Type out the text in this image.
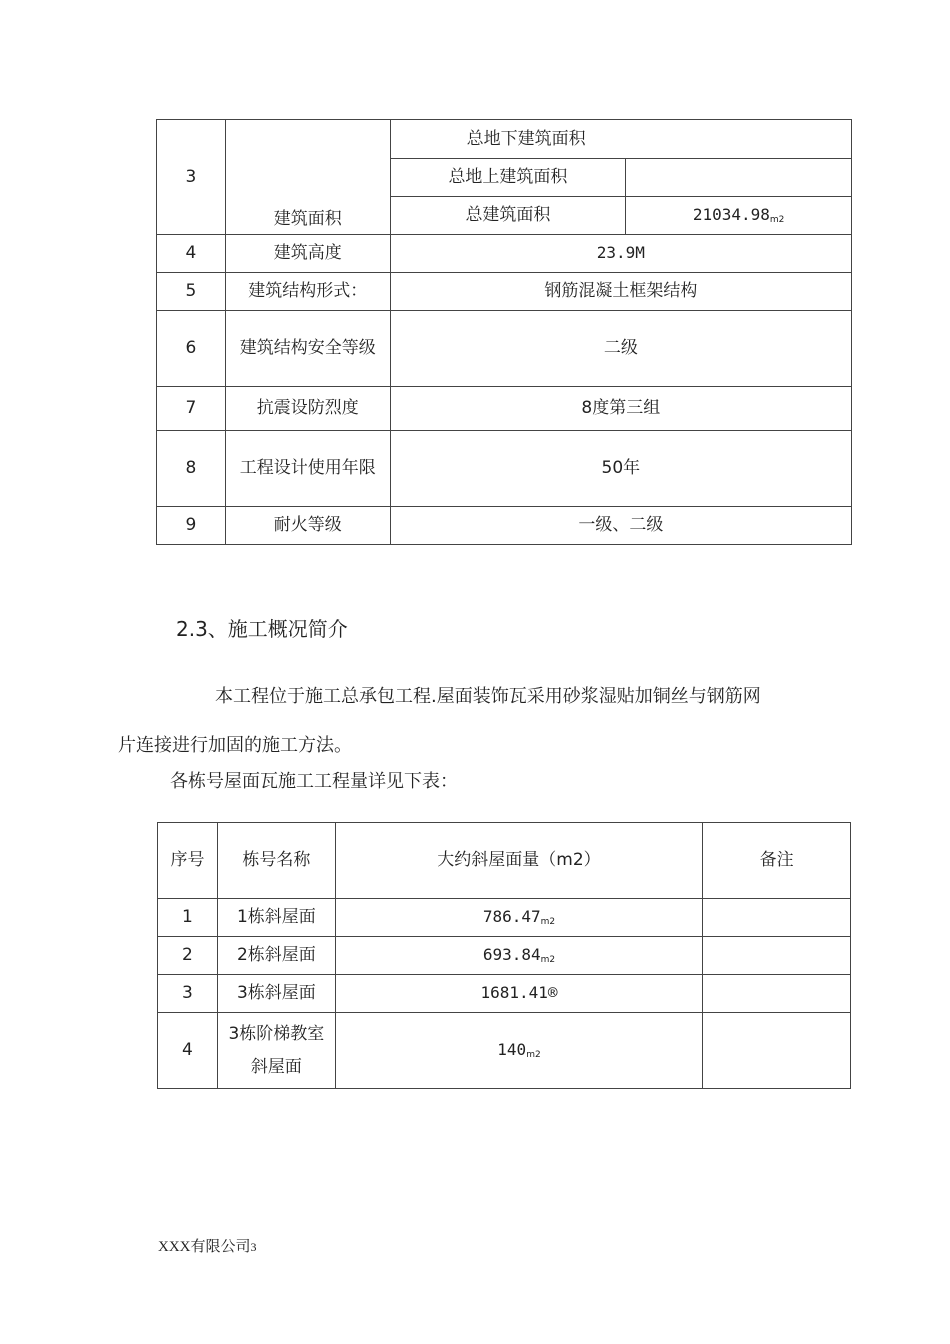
3	建筑面积	总地下建筑面积	
		总地上建筑面积	
		总建筑面积	$21034.98_{m2}$
4	建筑高度	23.9M	
5	建筑结构形式：	钢筋混凝土框架结构	
6	建筑结构安全等级	二级	
7	抗震设防烈度	8度第三组	
8	工程设计使用年限	50年	
9	耐火等级	一级、二级	
2.3、施工概况简介
本工程位于施工总承包工程.屋面装饰瓦采用砂浆湿贴加铜丝与钢筋网
片连接进行加固的施工方法。
各栋号屋面瓦施工工程量详见下表：
序号	栋号名称	大约斜屋面量（m2）	备注
1	1栋斜屋面	$786.47_{m2}$	
2	2栋斜屋面	$693.84_{m2}$	
3	3栋斜屋面	1681.41®	
4	3栋阶梯教室斜屋面	$140_{m2}$	
XXX有限公司3
